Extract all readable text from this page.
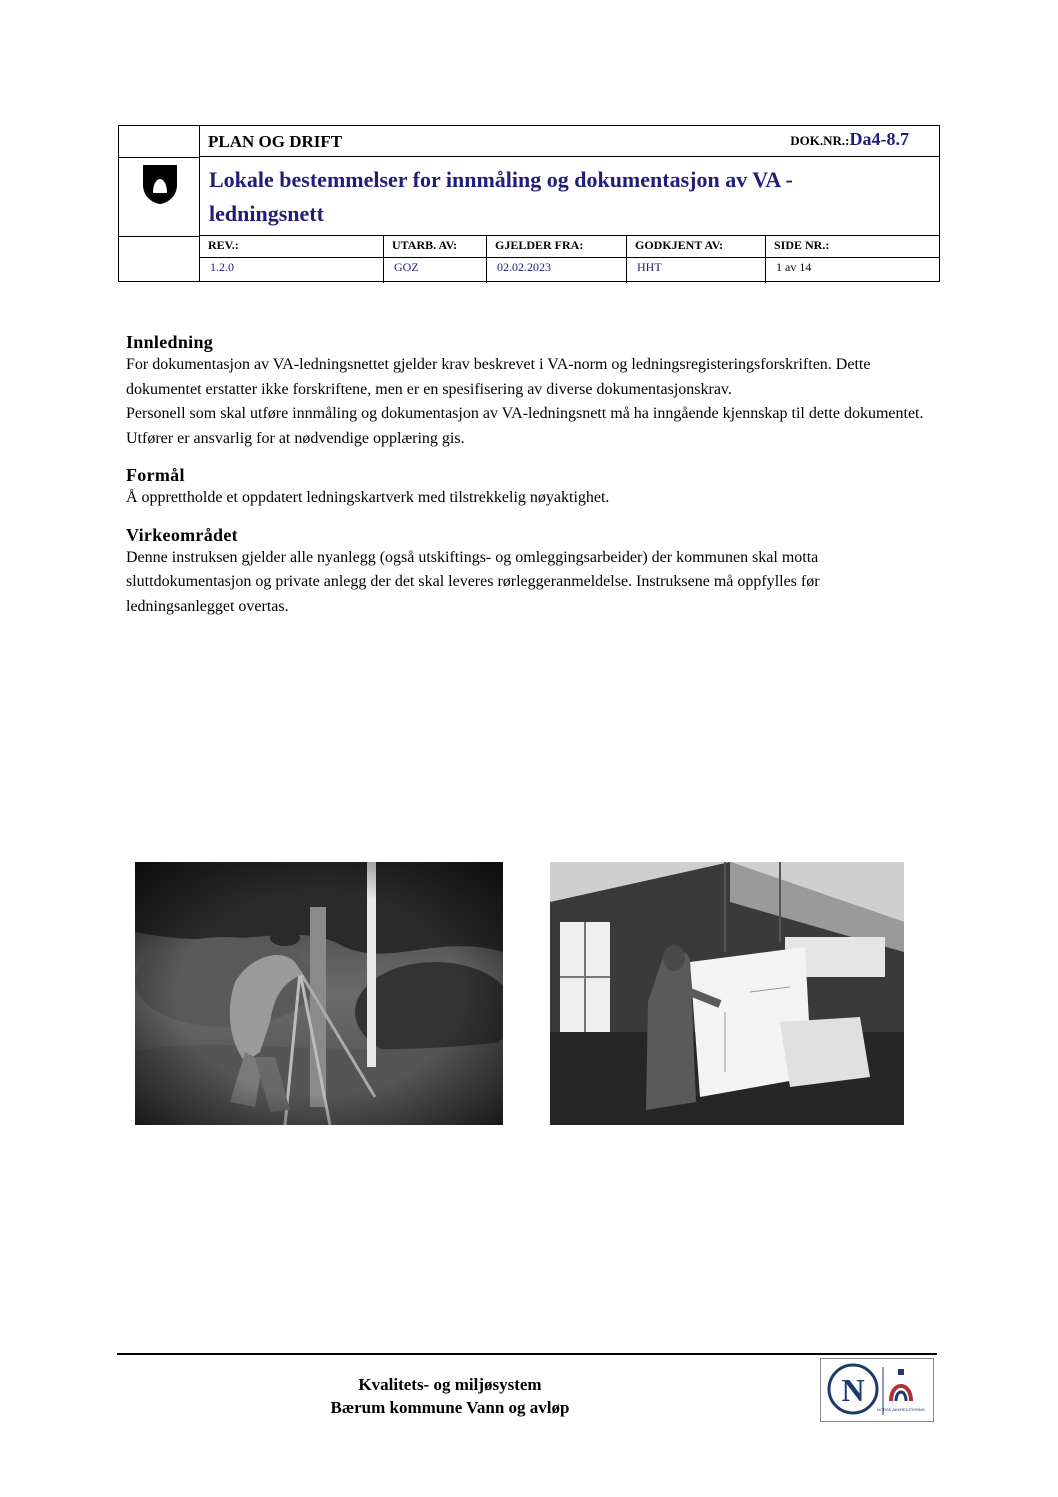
PLAN OG DRIFT	DOK.NR.:Da4-8.7
Lokale bestemmelser for innmåling og dokumentasjon av VA - ledningsnett
REV.:
1.2.0
UTARB. AV:
GOZ
GJELDER FRA:
02.02.2023
GODKJENT AV:
HHT
SIDE NR.:
1 av 14
Innledning

For dokumentasjon av VA-ledningsnettet gjelder krav beskrevet i VA-norm og ledningsregisteringsforskriften. Dette dokumentet erstatter ikke forskriftene, men er en spesifisering av diverse dokumentasjonskrav.

Personell som skal utføre innmåling og dokumentasjon av VA-ledningsnett må ha inngående kjennskap til dette dokumentet. Utfører er ansvarlig for at nødvendige opplæring gis.

Formål

Å opprettholde et oppdatert ledningskartverk med tilstrekkelig nøyaktighet.

Virkeområdet

Denne instruksen gjelder alle nyanlegg (også utskiftings- og omleggingsarbeider) der kommunen skal motta sluttdokumentasjon og private anlegg der det skal leveres rørleggeranmeldelse. Instruksene må oppfylles før ledningsanlegget overtas.

Kvalitets- og miljøsystem
Bærum kommune Vann og avløp	N
NORSK AKKREDITERING
